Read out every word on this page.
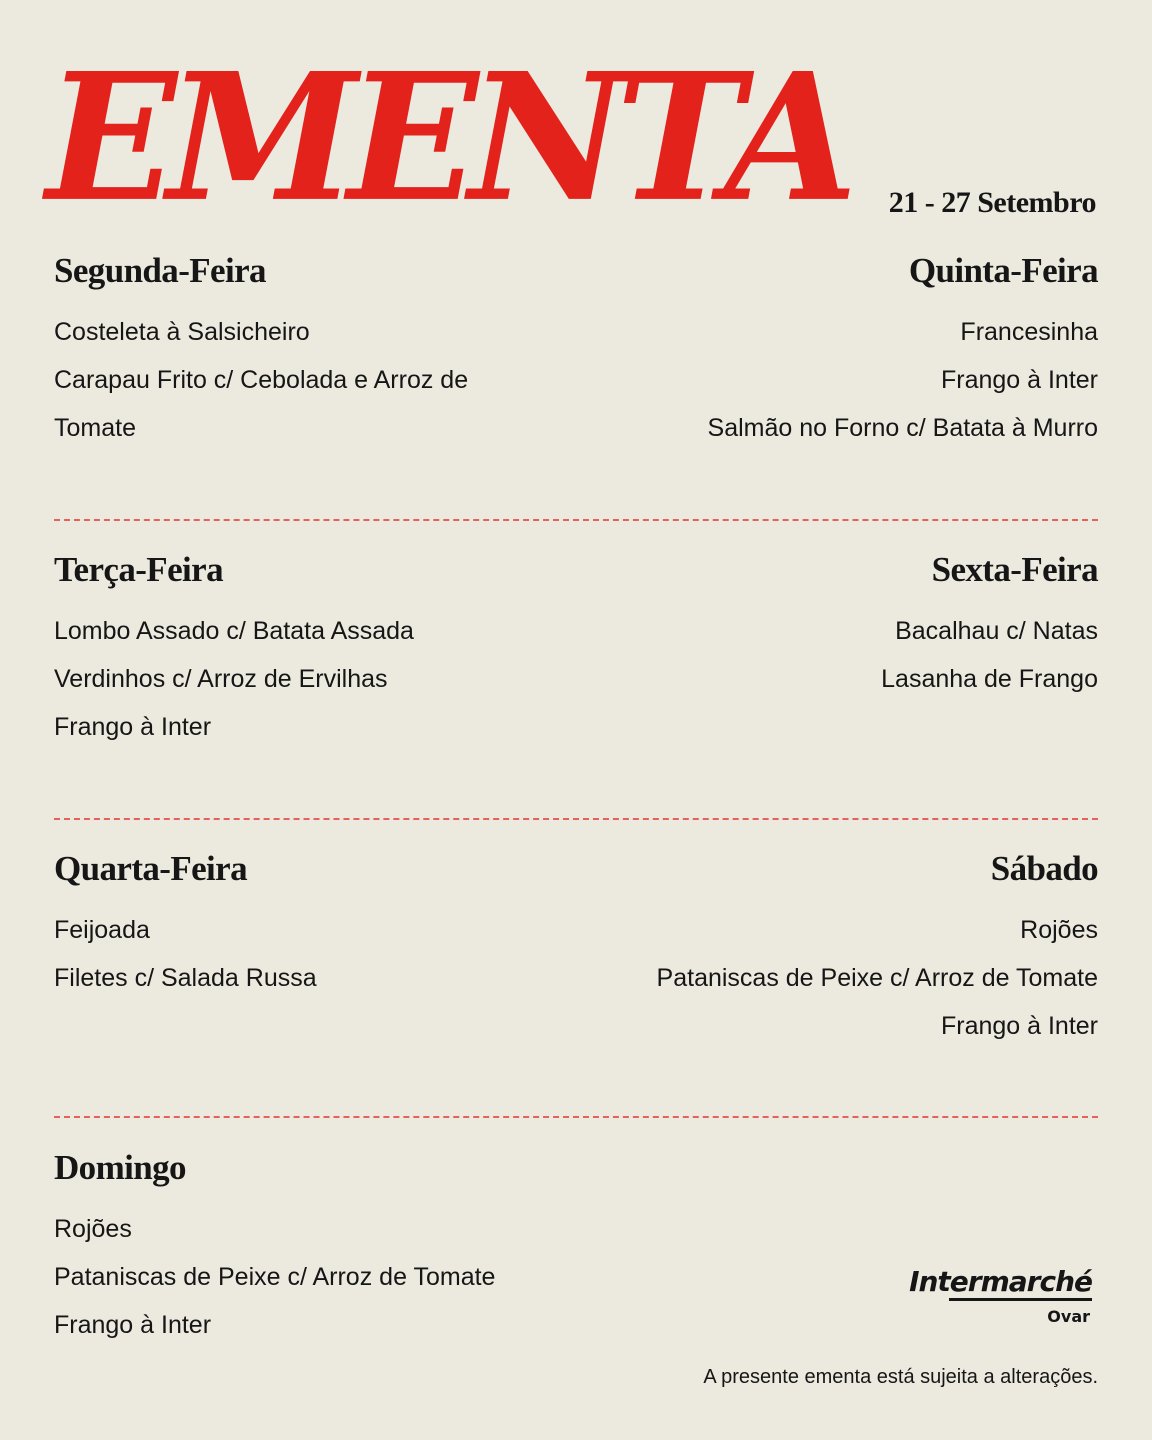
EMENTA 21 - 27 Setembro
Segunda-Feira

Costeleta à Salsicheiro

Carapau Frito c/ Cebolada e Arroz de Tomate

Quinta-Feira

Francesinha

Frango à Inter

Salmão no Forno c/ Batata à Murro

Terça-Feira

Lombo Assado c/ Batata Assada

Verdinhos c/ Arroz de Ervilhas

Frango à Inter

Sexta-Feira

Bacalhau c/ Natas

Lasanha de Frango

Quarta-Feira

Feijoada

Filetes c/ Salada Russa

Sábado

Rojões

Pataniscas de Peixe c/ Arroz de Tomate

Frango à Inter

Domingo

Rojões

Pataniscas de Peixe c/ Arroz de Tomate

Frango à Inter

Intermarché
Ovar
A presente ementa está sujeita a alterações.
